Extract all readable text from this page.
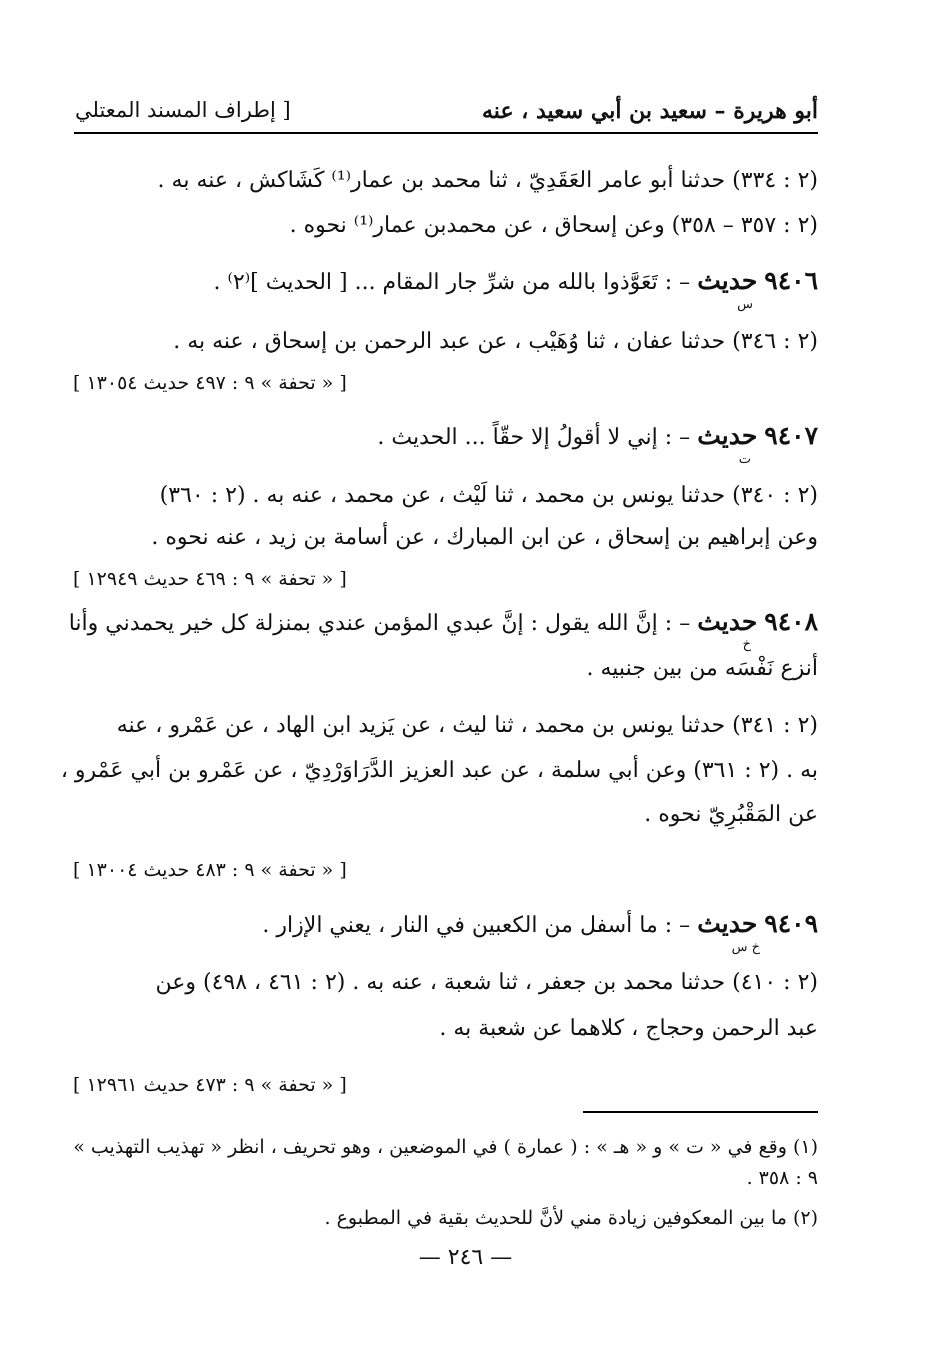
أبو هريرة – سعيد بن أبي سعيد ، عنه
[ إطراف المسند المعتلي
(٢ : ٣٣٤) حدثنا أبو عامر العَقَدِيّ ، ثنا محمد بن عمار⁽¹⁾ كَشَاكش ، عنه به .
(٢ : ٣٥٧ – ٣٥٨) وعن إسحاق ، عن محمدبن عمار⁽¹⁾ نحوه .
٩٤٠٦ حديث – : تَعَوَّذوا بالله من شرِّ جار المقام ... [ الحديث ]⁽٢⁾ .
س
(٢ : ٣٤٦) حدثنا عفان ، ثنا وُهَيْب ، عن عبد الرحمن بن إسحاق ، عنه به .
[ « تحفة » ٩ : ٤٩٧ حديث ١٣٠٥٤ ]
٩٤٠٧ حديث – : إني لا أقولُ إلا حقّاً ... الحديث .
ت
(٢ : ٣٤٠) حدثنا يونس بن محمد ، ثنا لَيْث ، عن محمد ، عنه به . (٢ : ٣٦٠)
وعن إبراهيم بن إسحاق ، عن ابن المبارك ، عن أسامة بن زيد ، عنه نحوه .
[ « تحفة » ٩ : ٤٦٩ حديث ١٢٩٤٩ ]
٩٤٠٨ حديث – : إنَّ الله يقول : إنَّ عبدي المؤمن عندي بمنزلة كل خير يحمدني وأنا
خ
أنزع نَفْسَه من بين جنبيه .
(٢ : ٣٤١) حدثنا يونس بن محمد ، ثنا ليث ، عن يَزيد ابن الهاد ، عن عَمْرو ، عنه
به . (٢ : ٣٦١) وعن أبي سلمة ، عن عبد العزيز الدَّرَاوَرْدِيّ ، عن عَمْرو بن أبي عَمْرو ،
عن المَقْبُرِيّ نحوه .
[ « تحفة » ٩ : ٤٨٣ حديث ١٣٠٠٤ ]
٩٤٠٩ حديث – : ما أسفل من الكعبين في النار ، يعني الإزار .
خ س
(٢ : ٤١٠) حدثنا محمد بن جعفر ، ثنا شعبة ، عنه به . (٢ : ٤٦١ ، ٤٩٨) وعن
عبد الرحمن وحجاج ، كلاهما عن شعبة به .
[ « تحفة » ٩ : ٤٧٣ حديث ١٢٩٦١ ]
(١) وقع في « ت » و « هـ » : ( عمارة ) في الموضعين ، وهو تحريف ، انظر « تهذيب التهذيب »
٩ : ٣٥٨ .
(٢) ما بين المعكوفين زيادة مني لأنَّ للحديث بقية في المطبوع .
— ٢٤٦ —
